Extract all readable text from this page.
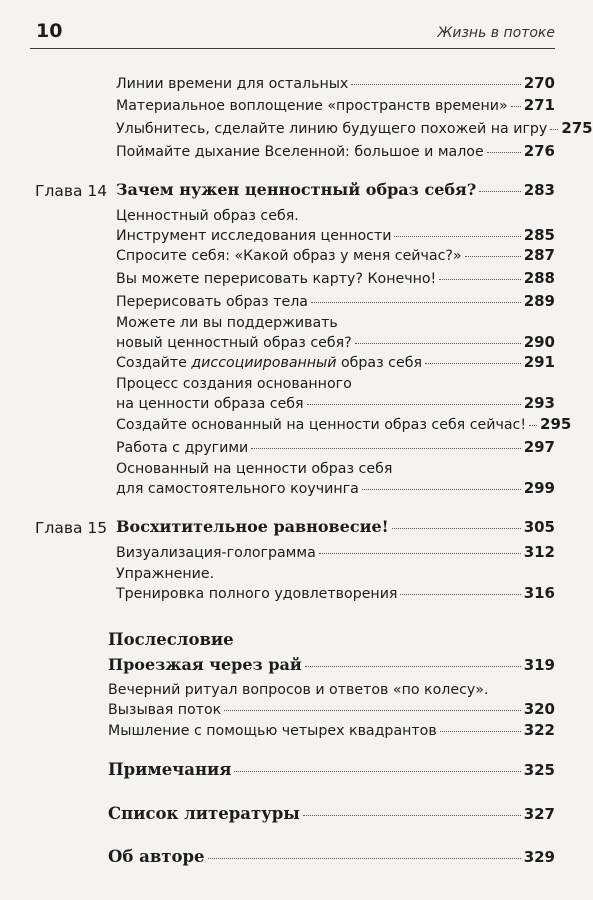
10	Жизнь в потоке
Линии времени для остальных	270
Материальное воплощение «пространств времени» 271
Улыбнитесь, сделайте линию будущего похожей на игру 275
Поймайте дыхание Вселенной: большое и малое	276
Глава 14 Зачем нужен ценностный образ себя?	283
Ценностный образ себя.
Инструмент исследования ценности	285
Спросите себя: «Какой образ у меня сейчас?»	287
Вы можете перерисовать карту? Конечно!	288
Перерисовать образ тела	289
Можете ли вы поддерживать
новый ценностный образ себя?	290
Создайте диссоциированный образ себя	291
Процесс создания основанного
на ценности образа себя	293
Создайте основанный на ценности образ себя сейчас! 295
Работа с другими	297
Основанный на ценности образ себя
для самостоятельного коучинга	299
Глава 15 Восхитительное равновесие!	305
Визуализация-голограмма	312
Упражнение.
Тренировка полного удовлетворения	316
Послесловие
Проезжая через рай	319
Вечерний ритуал вопросов и ответов «по колесу».
Вызывая поток	320
Мышление с помощью четырех квадрантов	322
Примечания	325
Список литературы	327
Об авторе	329
